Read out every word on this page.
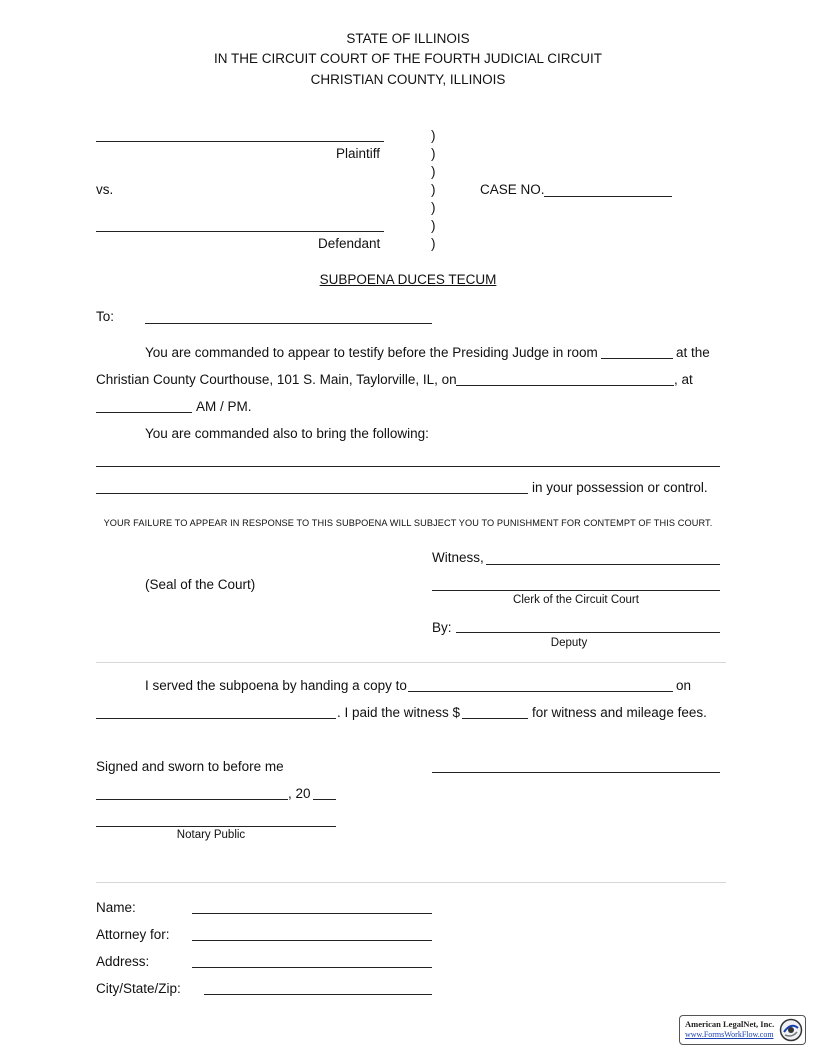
STATE OF ILLINOIS
IN THE CIRCUIT COURT OF THE FOURTH JUDICIAL CIRCUIT
CHRISTIAN COUNTY, ILLINOIS
Plaintiff
vs.
Defendant
)
)
)
)
)
)
)
CASE NO.
SUBPOENA DUCES TECUM
To:
You are commanded to appear to testify before the Presiding Judge in room	at the
Christian County Courthouse, 101 S. Main, Taylorville, IL, on	, at
AM / PM.
You are commanded also to bring the following:
in your possession or control.
YOUR FAILURE TO APPEAR IN RESPONSE TO THIS SUBPOENA WILL SUBJECT YOU TO PUNISHMENT FOR CONTEMPT OF THIS COURT.
Witness,
(Seal of the Court)
Clerk of the Circuit Court
By:
Deputy
I served the subpoena by handing a copy to	on
. I paid the witness $	for witness and mileage fees.
Signed and sworn to before me
, 20
Notary Public
Name:
Attorney for:
Address:
City/State/Zip:
American LegalNet, Inc.
www.FormsWorkFlow.com
